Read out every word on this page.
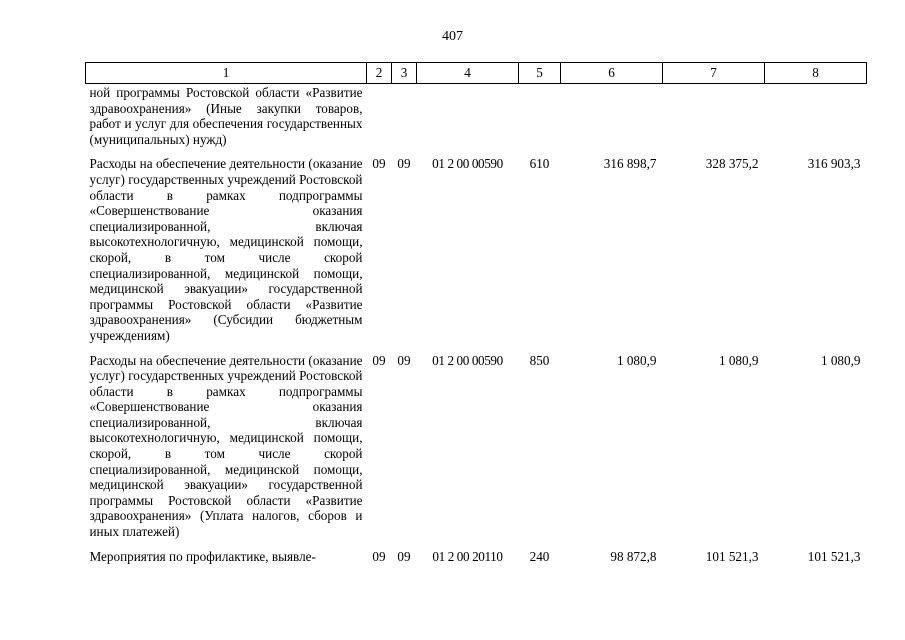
407
1	2	3	4	5	6	7	8
ной программы Ростовской области «Развитие здравоохранения» (Иные закупки товаров, работ и услуг для обеспечения государственных (муниципальных) нужд)							
Расходы на обеспечение деятельности (оказание услуг) государственных учреждений Ростовской области в рамках подпрограммы «Совершенствование оказания специализированной, включая высокотехнологичную, медицинской помощи, скорой, в том числе скорой специализированной, медицинской помощи, медицинской эвакуации» государственной программы Ростовской области «Развитие здравоохранения» (Субсидии бюджетным учреждениям)	09	09	01 2 00 00590	610	316 898,7	328 375,2	316 903,3
Расходы на обеспечение деятельности (оказание услуг) государственных учреждений Ростовской области в рамках подпрограммы «Совершенствование оказания специализированной, включая высокотехнологичную, медицинской помощи, скорой, в том числе скорой специализированной, медицинской помощи, медицинской эвакуации» государственной программы Ростовской области «Развитие здравоохранения» (Уплата налогов, сборов и иных платежей)	09	09	01 2 00 00590	850	1 080,9	1 080,9	1 080,9
Мероприятия по профилактике, выявле-	09	09	01 2 00 20110	240	98 872,8	101 521,3	101 521,3
